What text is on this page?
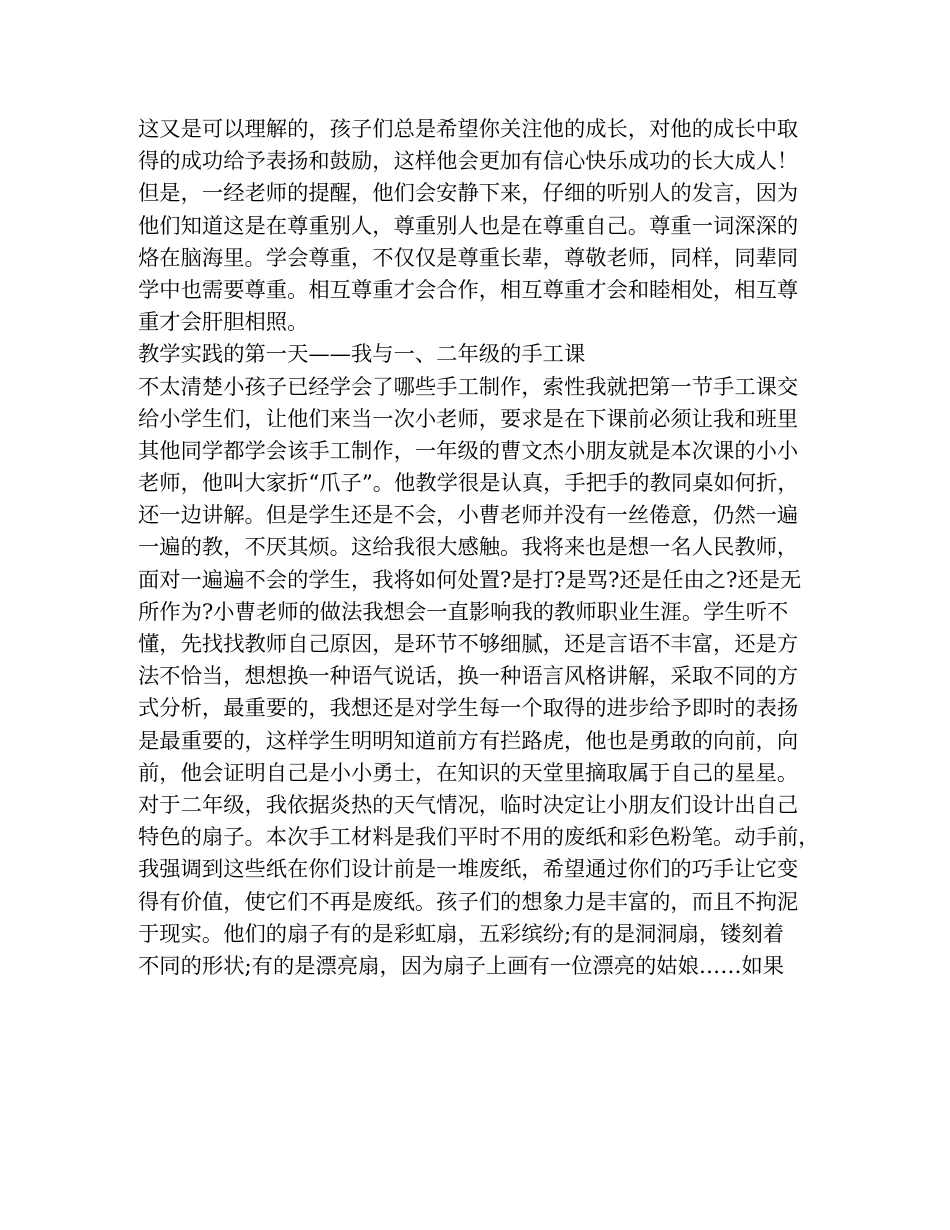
这又是可以理解的，孩子们总是希望你关注他的成长，对他的成长中取
得的成功给予表扬和鼓励，这样他会更加有信心快乐成功的长大成人！
但是，一经老师的提醒，他们会安静下来，仔细的听别人的发言，因为
他们知道这是在尊重别人，尊重别人也是在尊重自己。尊重一词深深的
烙在脑海里。学会尊重，不仅仅是尊重长辈，尊敬老师，同样，同辈同
学中也需要尊重。相互尊重才会合作，相互尊重才会和睦相处，相互尊
重才会肝胆相照。
教学实践的第一天——我与一、二年级的手工课
不太清楚小孩子已经学会了哪些手工制作，索性我就把第一节手工课交
给小学生们，让他们来当一次小老师，要求是在下课前必须让我和班里
其他同学都学会该手工制作，一年级的曹文杰小朋友就是本次课的小小
老师，他叫大家折“爪子”。他教学很是认真，手把手的教同桌如何折，
还一边讲解。但是学生还是不会，小曹老师并没有一丝倦意，仍然一遍
一遍的教，不厌其烦。这给我很大感触。我将来也是想一名人民教师，
面对一遍遍不会的学生，我将如何处置?是打?是骂?还是任由之?还是无
所作为?小曹老师的做法我想会一直影响我的教师职业生涯。学生听不
懂，先找找教师自己原因，是环节不够细腻，还是言语不丰富，还是方
法不恰当，想想换一种语气说话，换一种语言风格讲解，采取不同的方
式分析，最重要的，我想还是对学生每一个取得的进步给予即时的表扬
是最重要的，这样学生明明知道前方有拦路虎，他也是勇敢的向前，向
前，他会证明自己是小小勇士，在知识的天堂里摘取属于自己的星星。
对于二年级，我依据炎热的天气情况，临时决定让小朋友们设计出自己
特色的扇子。本次手工材料是我们平时不用的废纸和彩色粉笔。动手前，
我强调到这些纸在你们设计前是一堆废纸，希望通过你们的巧手让它变
得有价值，使它们不再是废纸。孩子们的想象力是丰富的，而且不拘泥
于现实。他们的扇子有的是彩虹扇，五彩缤纷;有的是洞洞扇，镂刻着
不同的形状;有的是漂亮扇，因为扇子上画有一位漂亮的姑娘……如果
